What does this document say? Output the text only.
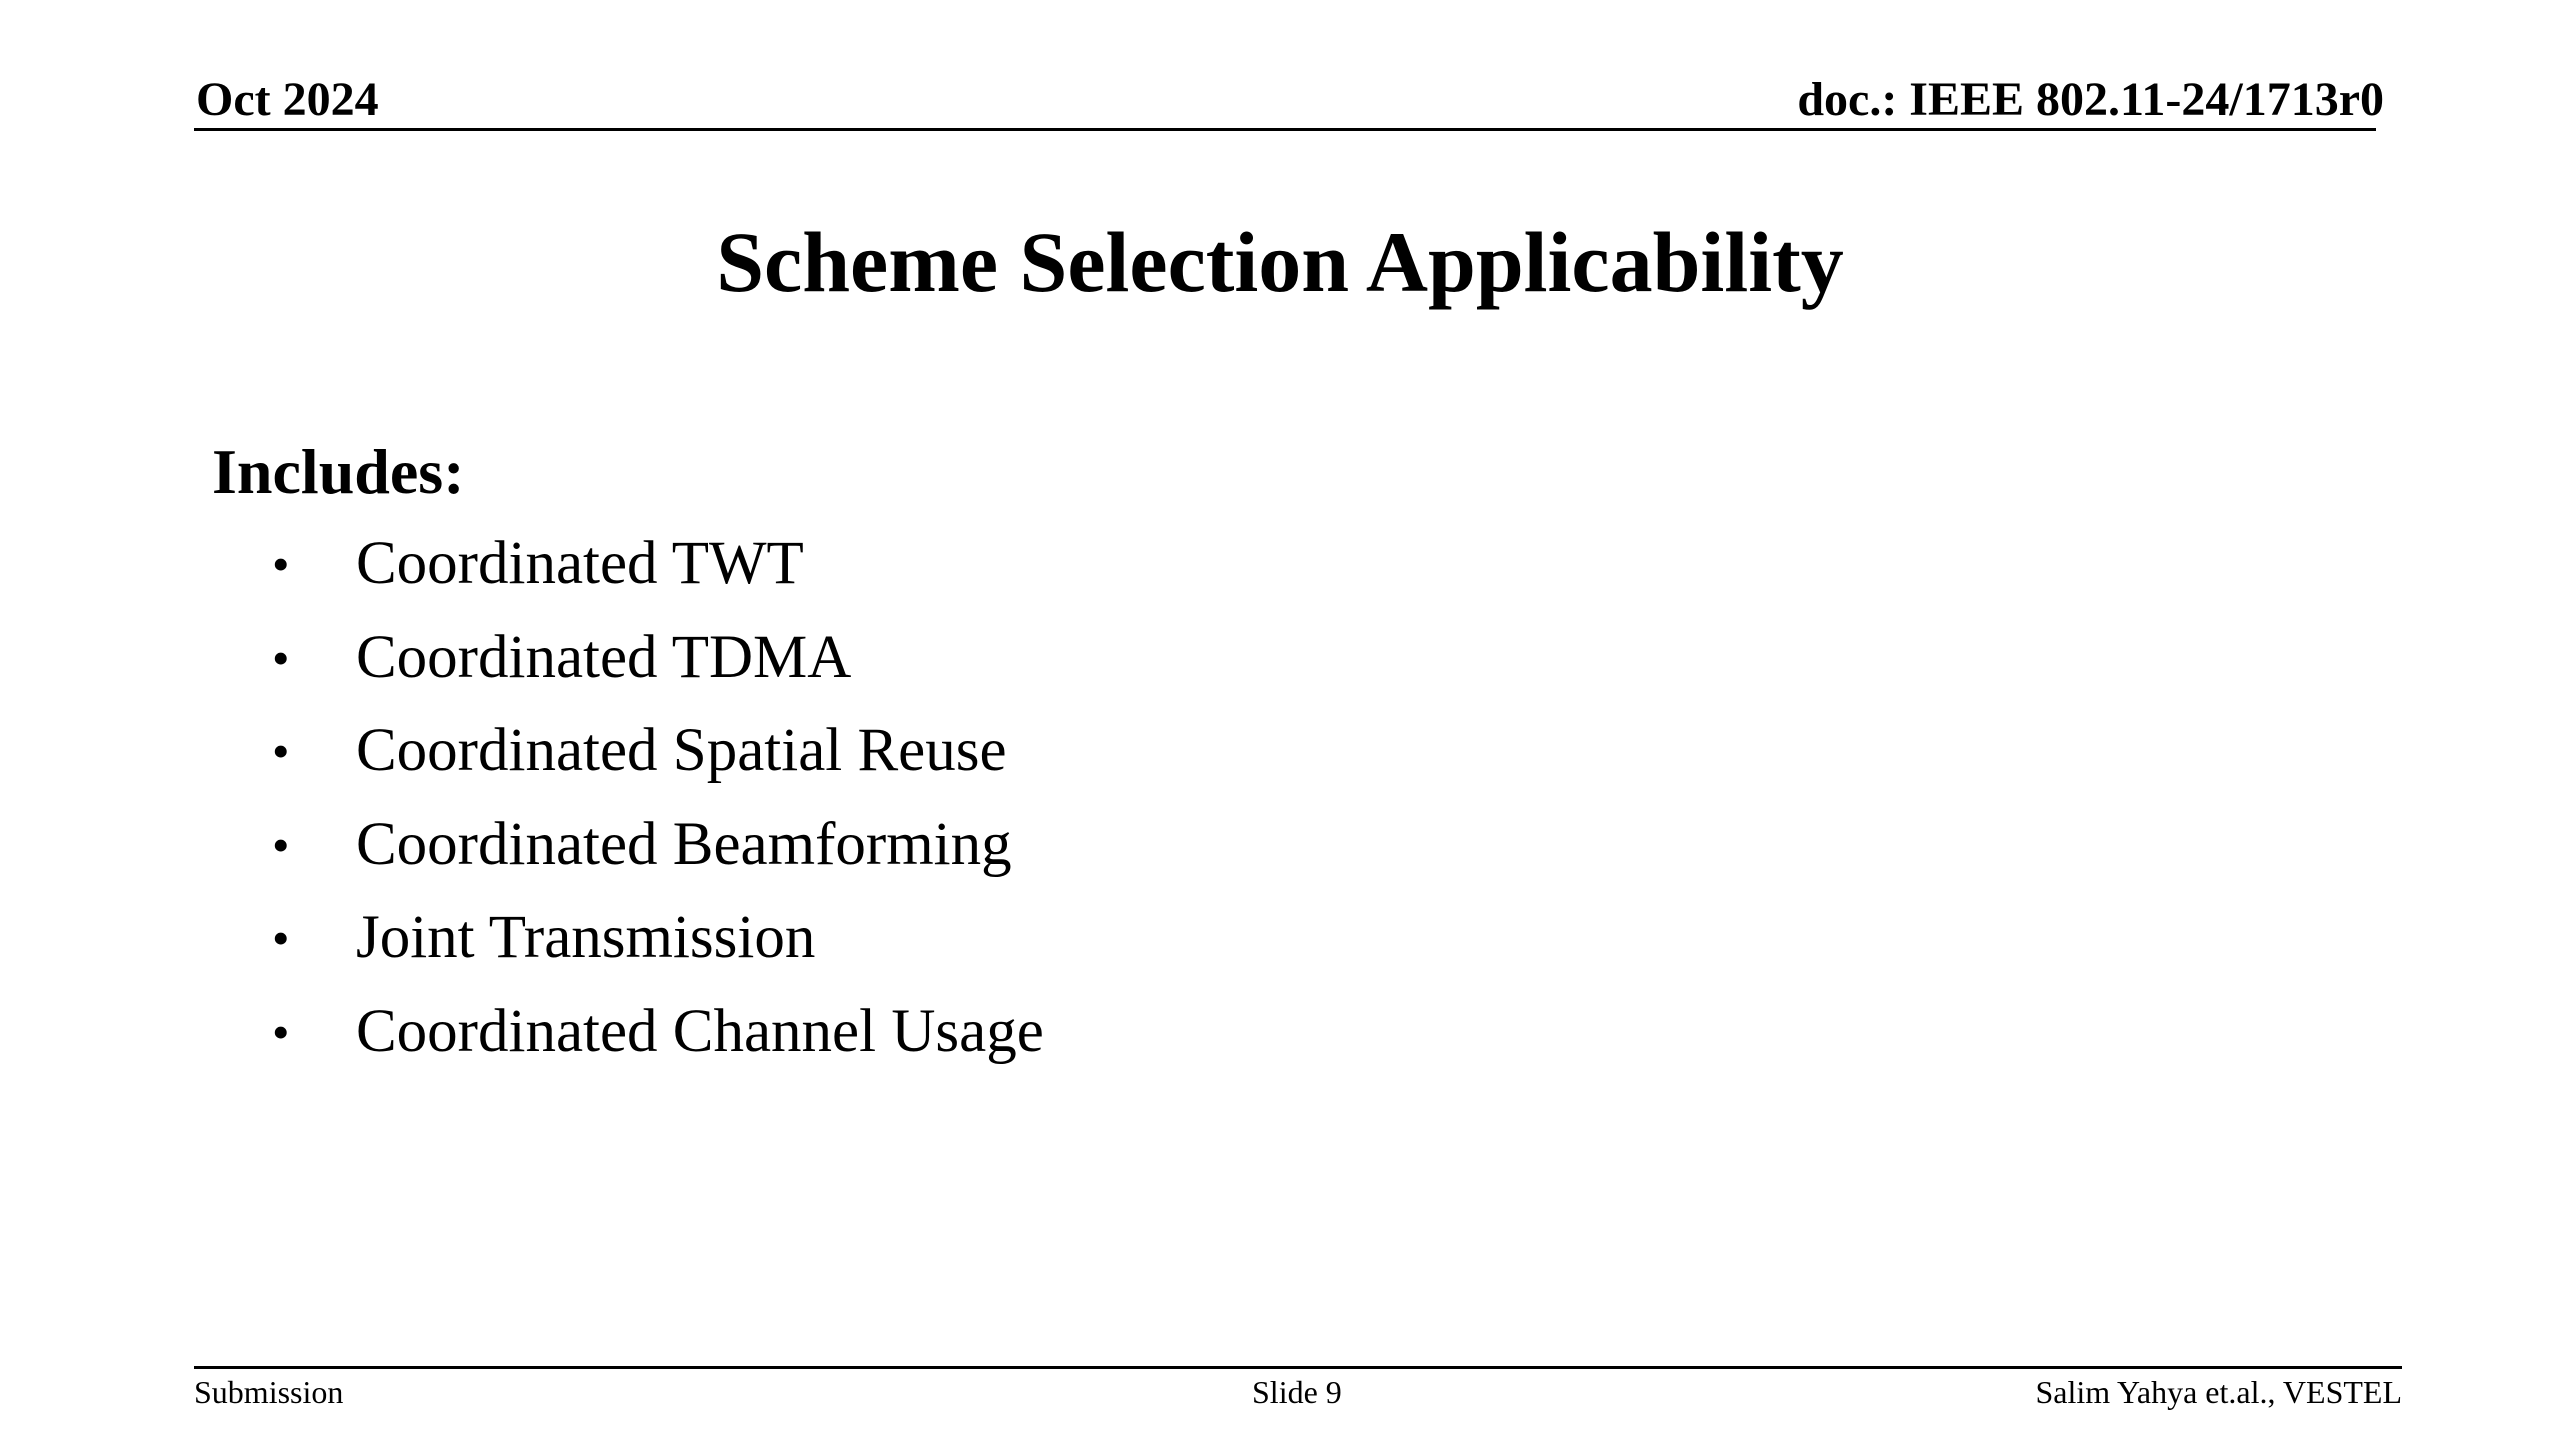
Oct 2024	doc.: IEEE 802.11-24/1713r0
Scheme Selection Applicability
Includes:
•	Coordinated TWT
•	Coordinated TDMA
•	Coordinated Spatial Reuse
•	Coordinated Beamforming
•	Joint Transmission
•	Coordinated Channel Usage
Submission	Slide 9	Salim Yahya et.al., VESTEL
